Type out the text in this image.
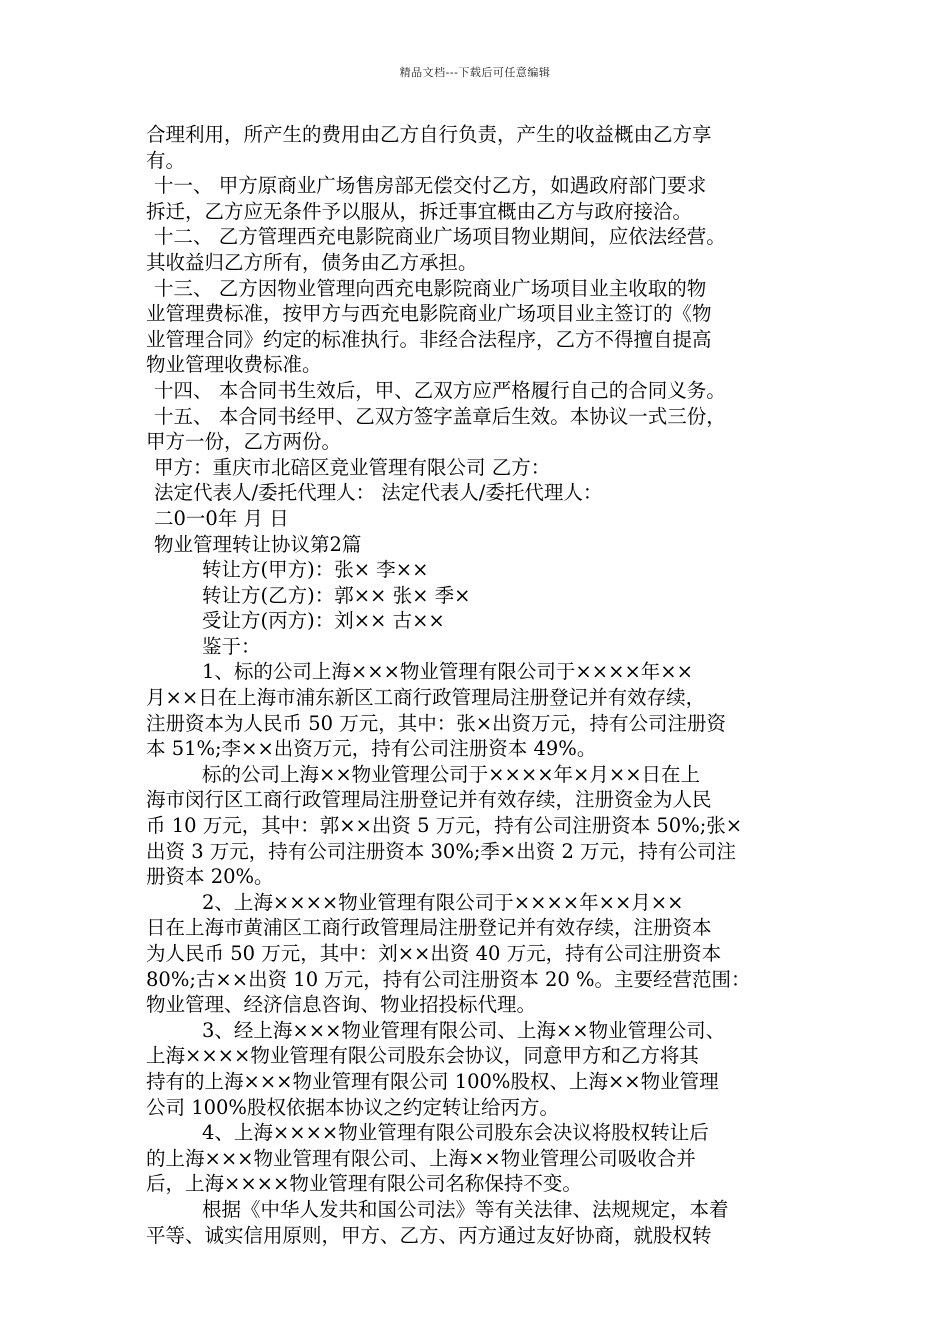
精品文档---下载后可任意编辑
合理利用，所产生的费用由乙方自行负责，产生的收益概由乙方享
有。
十一、 甲方原商业广场售房部无偿交付乙方，如遇政府部门要求
拆迁，乙方应无条件予以服从，拆迁事宜概由乙方与政府接洽。
十二、 乙方管理西充电影院商业广场项目物业期间，应依法经营。
其收益归乙方所有，债务由乙方承担。
十三、 乙方因物业管理向西充电影院商业广场项目业主收取的物
业管理费标准，按甲方与西充电影院商业广场项目业主签订的《物
业管理合同》约定的标准执行。非经合法程序，乙方不得擅自提高
物业管理收费标准。
十四、 本合同书生效后，甲、乙双方应严格履行自己的合同义务。
十五、 本合同书经甲、乙双方签字盖章后生效。本协议一式三份，
甲方一份，乙方两份。
甲方：重庆市北碚区竞业管理有限公司 乙方：
法定代表人/委托代理人： 法定代表人/委托代理人：
二0一0年 月 日
物业管理转让协议第2篇
转让方(甲方)：张× 李××
转让方(乙方)：郭×× 张× 季×
受让方(丙方)：刘×× 古××
鉴于：
1、标的公司上海×××物业管理有限公司于××××年××
月××日在上海市浦东新区工商行政管理局注册登记并有效存续，
注册资本为人民币 50 万元，其中：张×出资万元，持有公司注册资
本 51%;李××出资万元，持有公司注册资本 49%。
标的公司上海××物业管理公司于××××年×月××日在上
海市闵行区工商行政管理局注册登记并有效存续，注册资金为人民
币 10 万元，其中：郭××出资 5 万元，持有公司注册资本 50%;张×
出资 3 万元，持有公司注册资本 30%;季×出资 2 万元，持有公司注
册资本 20%。
2、上海××××物业管理有限公司于××××年××月××
日在上海市黄浦区工商行政管理局注册登记并有效存续，注册资本
为人民币 50 万元，其中：刘××出资 40 万元，持有公司注册资本
80%;古××出资 10 万元，持有公司注册资本 20 %。主要经营范围：
物业管理、经济信息咨询、物业招投标代理。
3、经上海×××物业管理有限公司、上海××物业管理公司、
上海××××物业管理有限公司股东会协议，同意甲方和乙方将其
持有的上海×××物业管理有限公司 100%股权、上海××物业管理
公司 100%股权依据本协议之约定转让给丙方。
4、上海××××物业管理有限公司股东会决议将股权转让后
的上海×××物业管理有限公司、上海××物业管理公司吸收合并
后，上海××××物业管理有限公司名称保持不变。
根据《中华人发共和国公司法》等有关法律、法规规定，本着
平等、诚实信用原则，甲方、乙方、丙方通过友好协商，就股权转
